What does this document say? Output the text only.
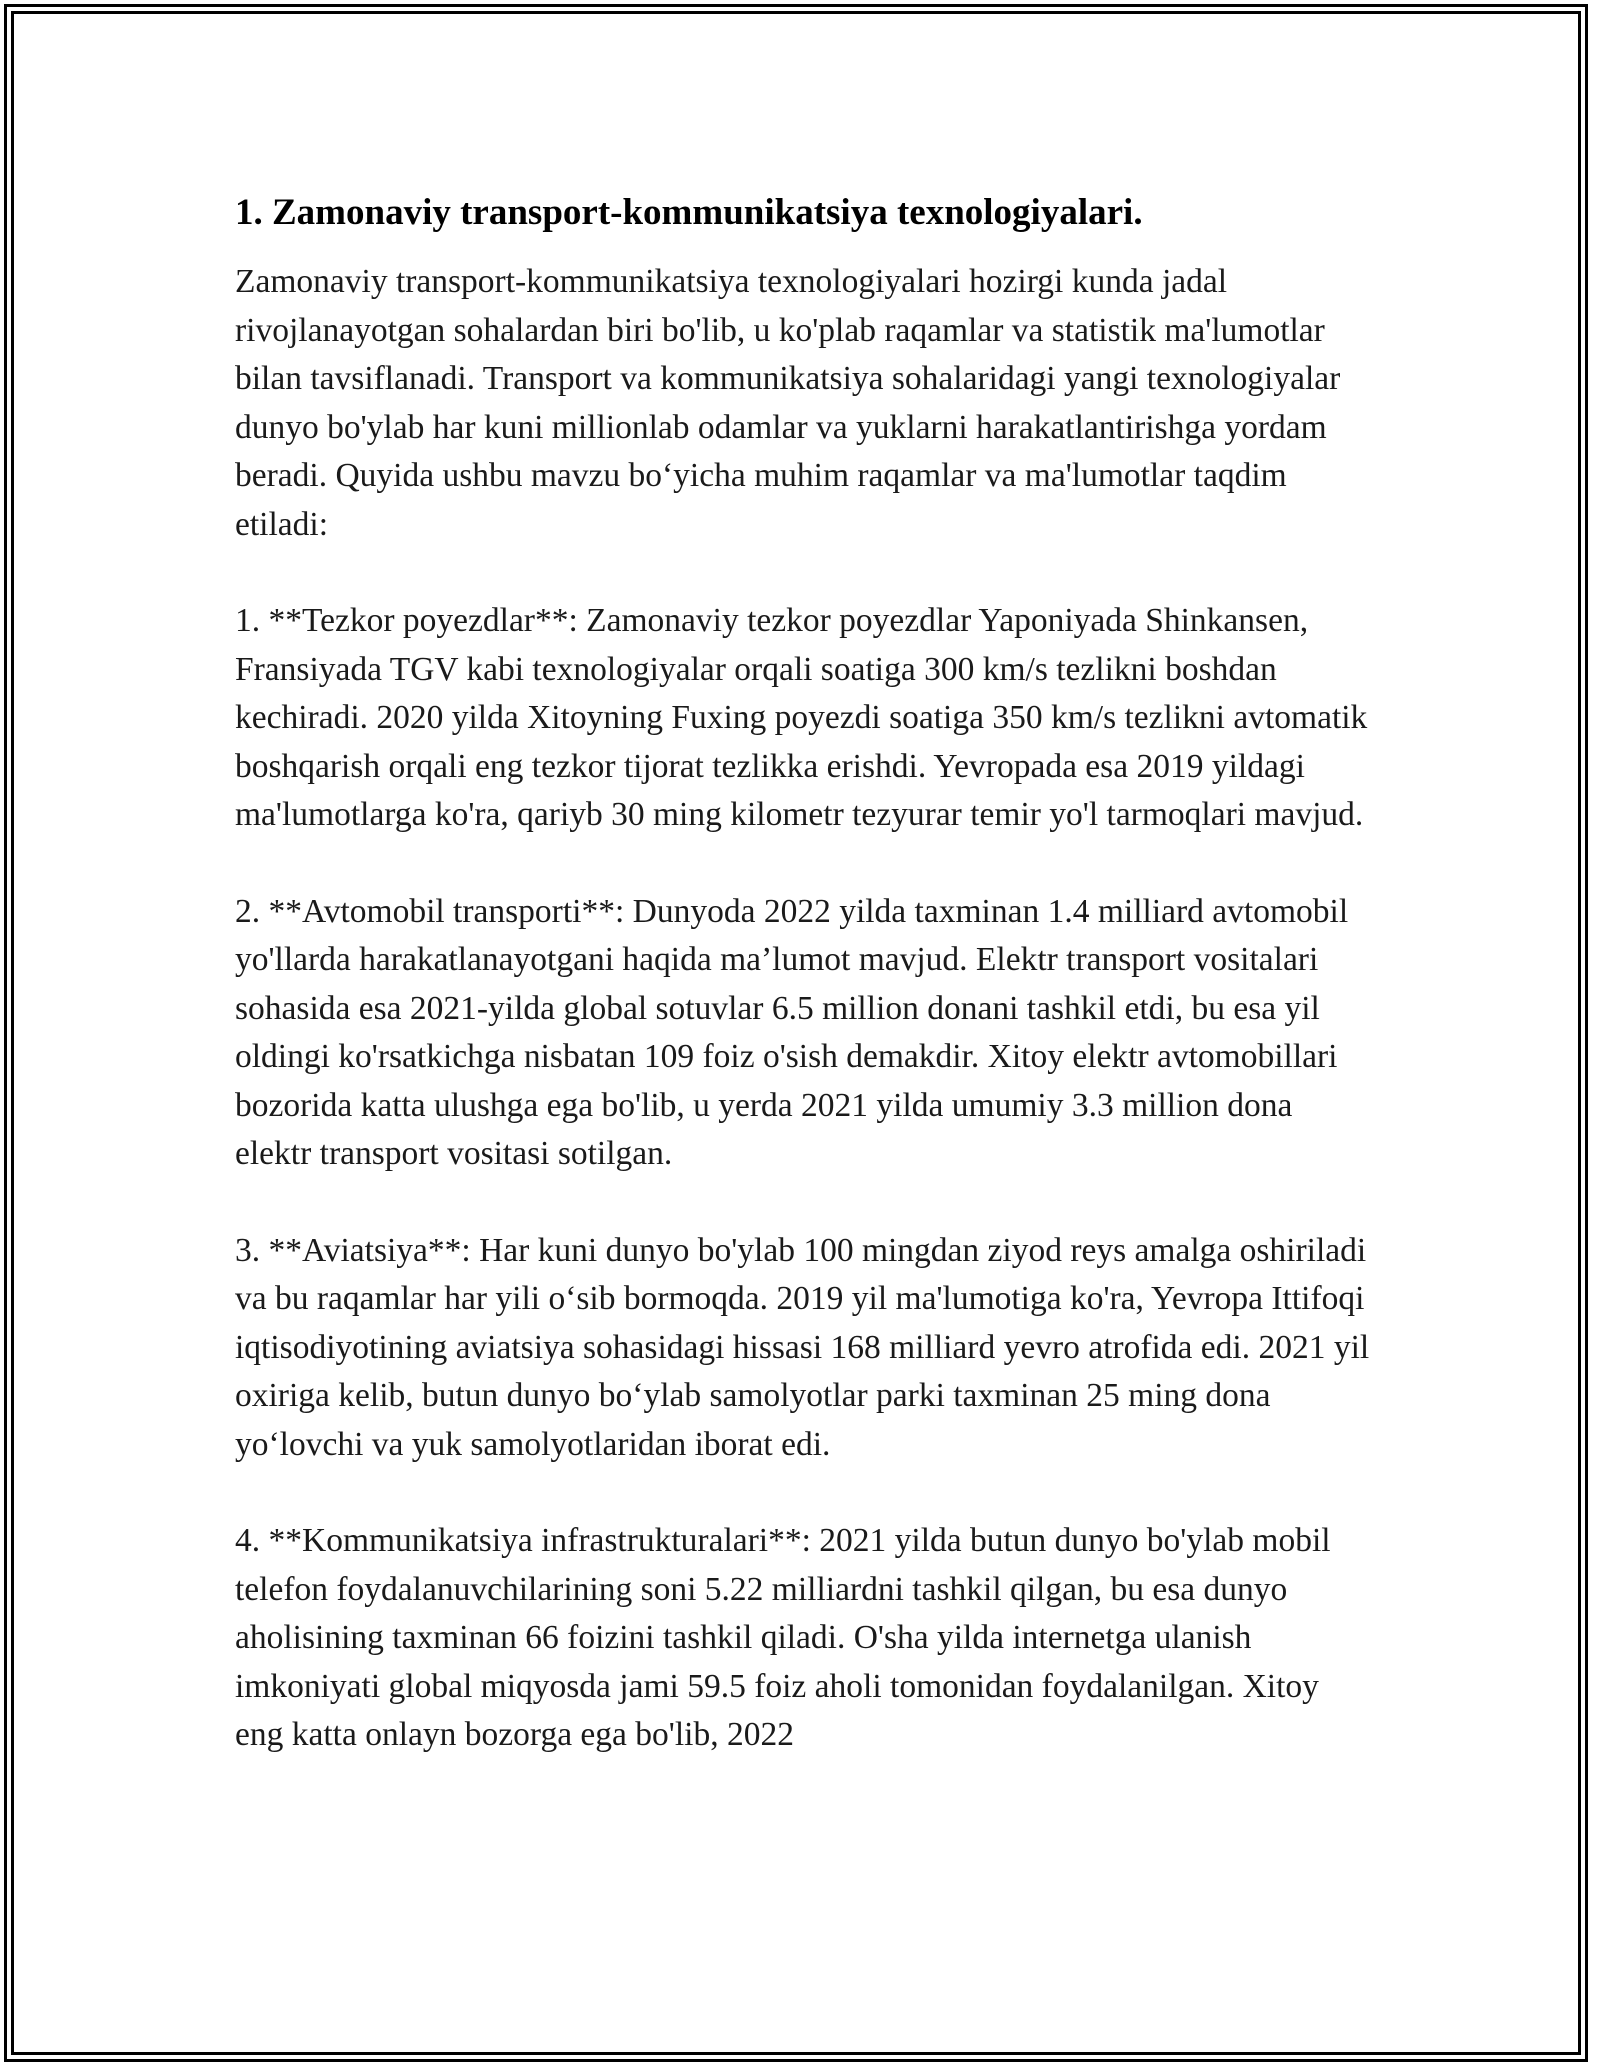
1. Zamonaviy transport-kommunikatsiya texnologiyalari.

Zamonaviy transport-kommunikatsiya texnologiyalari hozirgi kunda jadal rivojlanayotgan sohalardan biri bo'lib, u ko'plab raqamlar va statistik ma'lumotlar bilan tavsiflanadi. Transport va kommunikatsiya sohalaridagi yangi texnologiyalar dunyo bo'ylab har kuni millionlab odamlar va yuklarni harakatlantirishga yordam beradi. Quyida ushbu mavzu bo‘yicha muhim raqamlar va ma'lumotlar taqdim etiladi:

1. **Tezkor poyezdlar**: Zamonaviy tezkor poyezdlar Yaponiyada Shinkansen, Fransiyada TGV kabi texnologiyalar orqali soatiga 300 km/s tezlikni boshdan kechiradi. 2020 yilda Xitoyning Fuxing poyezdi soatiga 350 km/s tezlikni avtomatik boshqarish orqali eng tezkor tijorat tezlikka erishdi. Yevropada esa 2019 yildagi ma'lumotlarga ko'ra, qariyb 30 ming kilometr tezyurar temir yo'l tarmoqlari mavjud.

2. **Avtomobil transporti**: Dunyoda 2022 yilda taxminan 1.4 milliard avtomobil yo'llarda harakatlanayotgani haqida ma’lumot mavjud. Elektr transport vositalari sohasida esa 2021-yilda global sotuvlar 6.5 million donani tashkil etdi, bu esa yil oldingi ko'rsatkichga nisbatan 109 foiz o'sish demakdir. Xitoy elektr avtomobillari bozorida katta ulushga ega bo'lib, u yerda 2021 yilda umumiy 3.3 million dona elektr transport vositasi sotilgan.

3. **Aviatsiya**: Har kuni dunyo bo'ylab 100 mingdan ziyod reys amalga oshiriladi va bu raqamlar har yili o‘sib bormoqda. 2019 yil ma'lumotiga ko'ra, Yevropa Ittifoqi iqtisodiyotining aviatsiya sohasidagi hissasi 168 milliard yevro atrofida edi. 2021 yil oxiriga kelib, butun dunyo bo‘ylab samolyotlar parki taxminan 25 ming dona yo‘lovchi va yuk samolyotlaridan iborat edi.

4. **Kommunikatsiya infrastrukturalari**: 2021 yilda butun dunyo bo'ylab mobil telefon foydalanuvchilarining soni 5.22 milliardni tashkil qilgan, bu esa dunyo aholisining taxminan 66 foizini tashkil qiladi. O'sha yilda internetga ulanish imkoniyati global miqyosda jami 59.5 foiz aholi tomonidan foydalanilgan. Xitoy eng katta onlayn bozorga ega bo'lib, 2022
